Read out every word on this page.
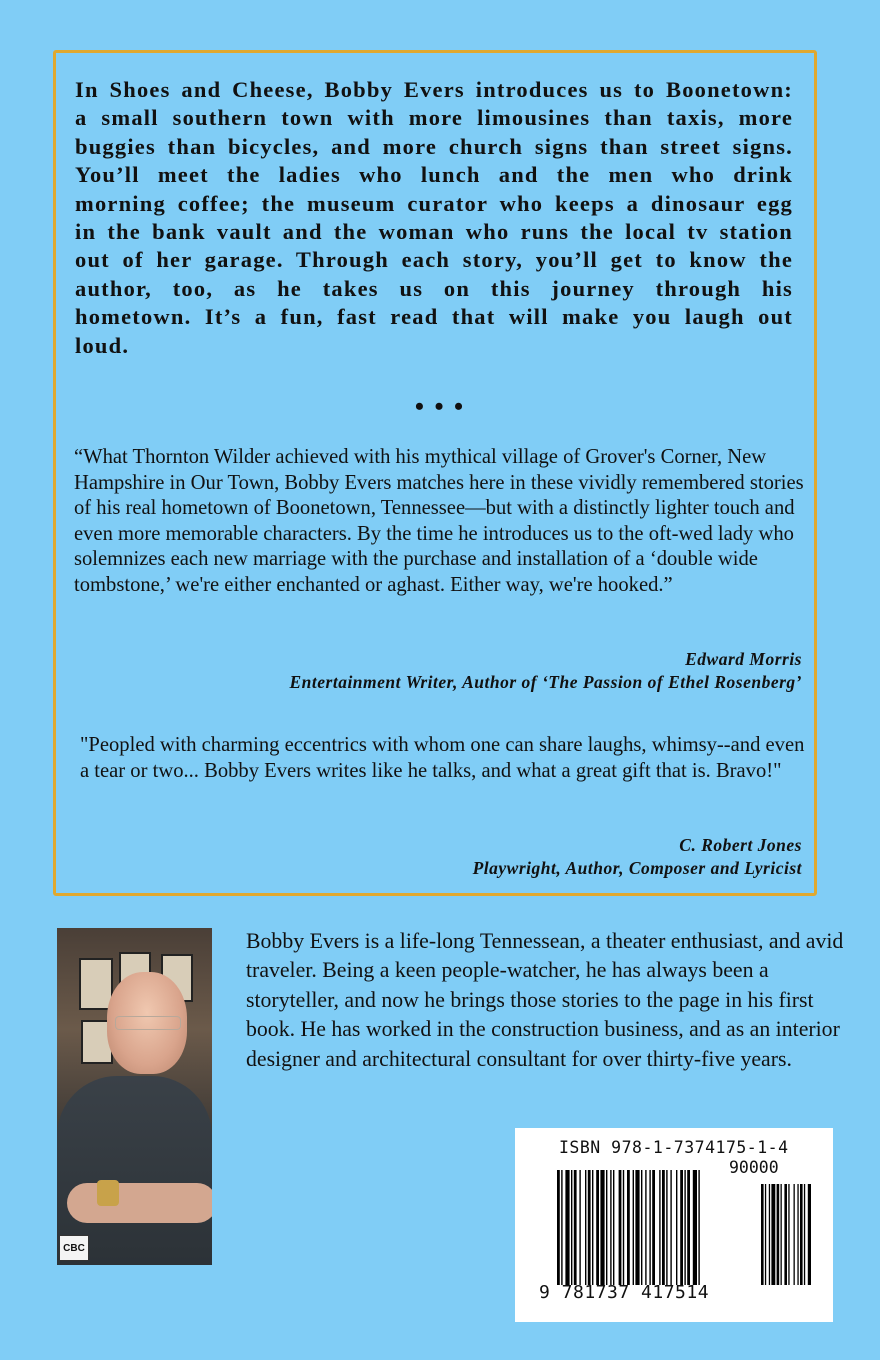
In Shoes and Cheese, Bobby Evers introduces us to Boonetown: a small southern town with more limousines than taxis, more buggies than bicycles, and more church signs than street signs. You’ll meet the ladies who lunch and the men who drink morning coffee; the museum curator who keeps a dinosaur egg in the bank vault and the woman who runs the local tv station out of her garage. Through each story, you’ll get to know the author, too, as he takes us on this journey through his hometown. It’s a fun, fast read that will make you laugh out loud.

• • •

“What Thornton Wilder achieved with his mythical village of Grover's Corner, New Hampshire in Our Town, Bobby Evers matches here in these vividly remembered stories of his real hometown of Boonetown, Tennessee—but with a distinctly lighter touch and even more memorable characters. By the time he introduces us to the oft-wed lady who solemnizes each new marriage with the purchase and installation of a ‘double wide tombstone,’ we're either enchanted or aghast. Either way, we're hooked.”

Edward Morris
Entertainment Writer, Author of ‘The Passion of Ethel Rosenberg’

"Peopled with charming eccentrics with whom one can share laughs, whimsy--and even a tear or two... Bobby Evers writes like he talks, and what a great gift that is. Bravo!"

C. Robert Jones
Playwright, Author, Composer and Lyricist
CBC

Bobby Evers is a life-long Tennessean, a theater enthusiast, and avid traveler. Being a keen people-watcher, he has always been a storyteller, and now he brings those stories to the page in his first book. He has worked in the construction business, and as an interior designer and architectural consultant for over thirty-five years.

ISBN 978-1-7374175-1-4

90000

9 781737 417514
